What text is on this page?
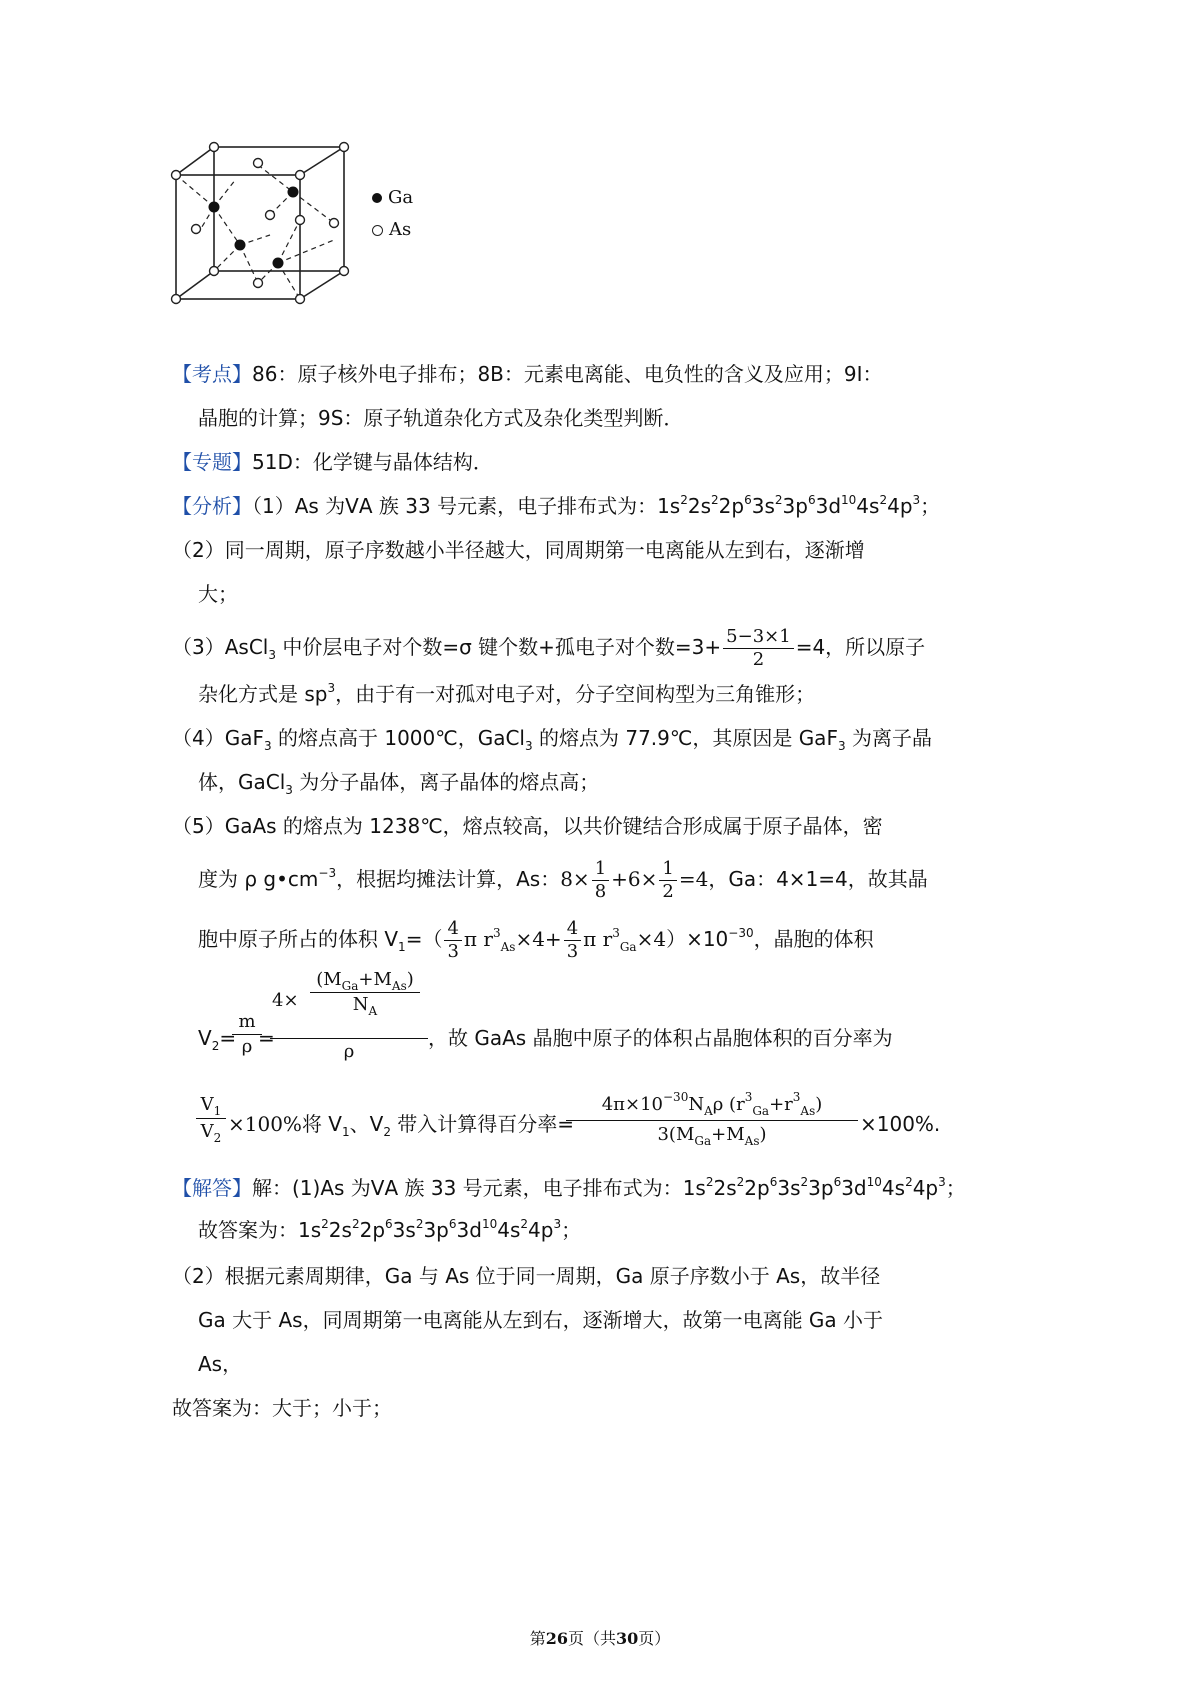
Ga
As
【考点】86：原子核外电子排布；8B：元素电离能、电负性的含义及应用；9I：
晶胞的计算；9S：原子轨道杂化方式及杂化类型判断．
【专题】51D：化学键与晶体结构．
【分析】（1）As 为ⅤA 族 33 号元素，电子排布式为：$1s^22s^22p^63s^23p^63d^{10}4s^24p^3$；
（2）同一周期，原子序数越小半径越大，同周期第一电离能从左到右，逐渐增
大；
（3）AsCl$_3$ 中价层电子对个数=σ 键个数+孤电子对个数$=3+ \frac{5-3\times 1}{2} =4$，所以原子
杂化方式是 $sp^3$，由于有一对孤对电子对，分子空间构型为三角锥形；
（4）GaF$_3$ 的熔点高于 1000℃，GaCl$_3$ 的熔点为 77.9℃，其原因是 GaF$_3$ 为离子晶
体，GaCl$_3$ 为分子晶体，离子晶体的熔点高；
（5）GaAs 的熔点为 1238℃，熔点较高，以共价键结合形成属于原子晶体，密
度为 ρ $g•cm^{-3}$，根据均摊法计算，As：$8\times \frac{1}{8} +6\times \frac{1}{2} =4$，Ga：4×1=4，故其晶
胞中原子所占的体积 $V_1=( \frac{4}{3}$ π $r^3_{As}\times 4+ \frac{4}{3}$ π $r^3_{Ga}\times 4)\times 10^{-30}$，晶胞的体积
$V_2=$
$\frac{m}{\rho}$
=
4×
$(M_{Ga}+M_{As})$
$N_A$
ρ
，故 GaAs 晶胞中原子的体积占晶胞体积的百分率为
$\frac{V_1}{V_2} \times 100\%$将 $V_1$、$V_2$ 带入计算得百分率=
$4\pi\times 10^{-30}N_A\rho$ $(r^3_{Ga}+r^3_{As})$
$3(M_{Ga}+M_{As})$	×100%.
【解答】解：(1)As 为ⅤA 族 33 号元素，电子排布式为：$1s^22s^22p^63s^23p^63d^{10}4s^24p^3$；
故答案为：$1s^22s^22p^63s^23p^63d^{10}4s^24p^3$；
（2）根据元素周期律，Ga 与 As 位于同一周期，Ga 原子序数小于 As，故半径
Ga 大于 As，同周期第一电离能从左到右，逐渐增大，故第一电离能 Ga 小于
As，
故答案为：大于；小于；
第26页（共30页）
